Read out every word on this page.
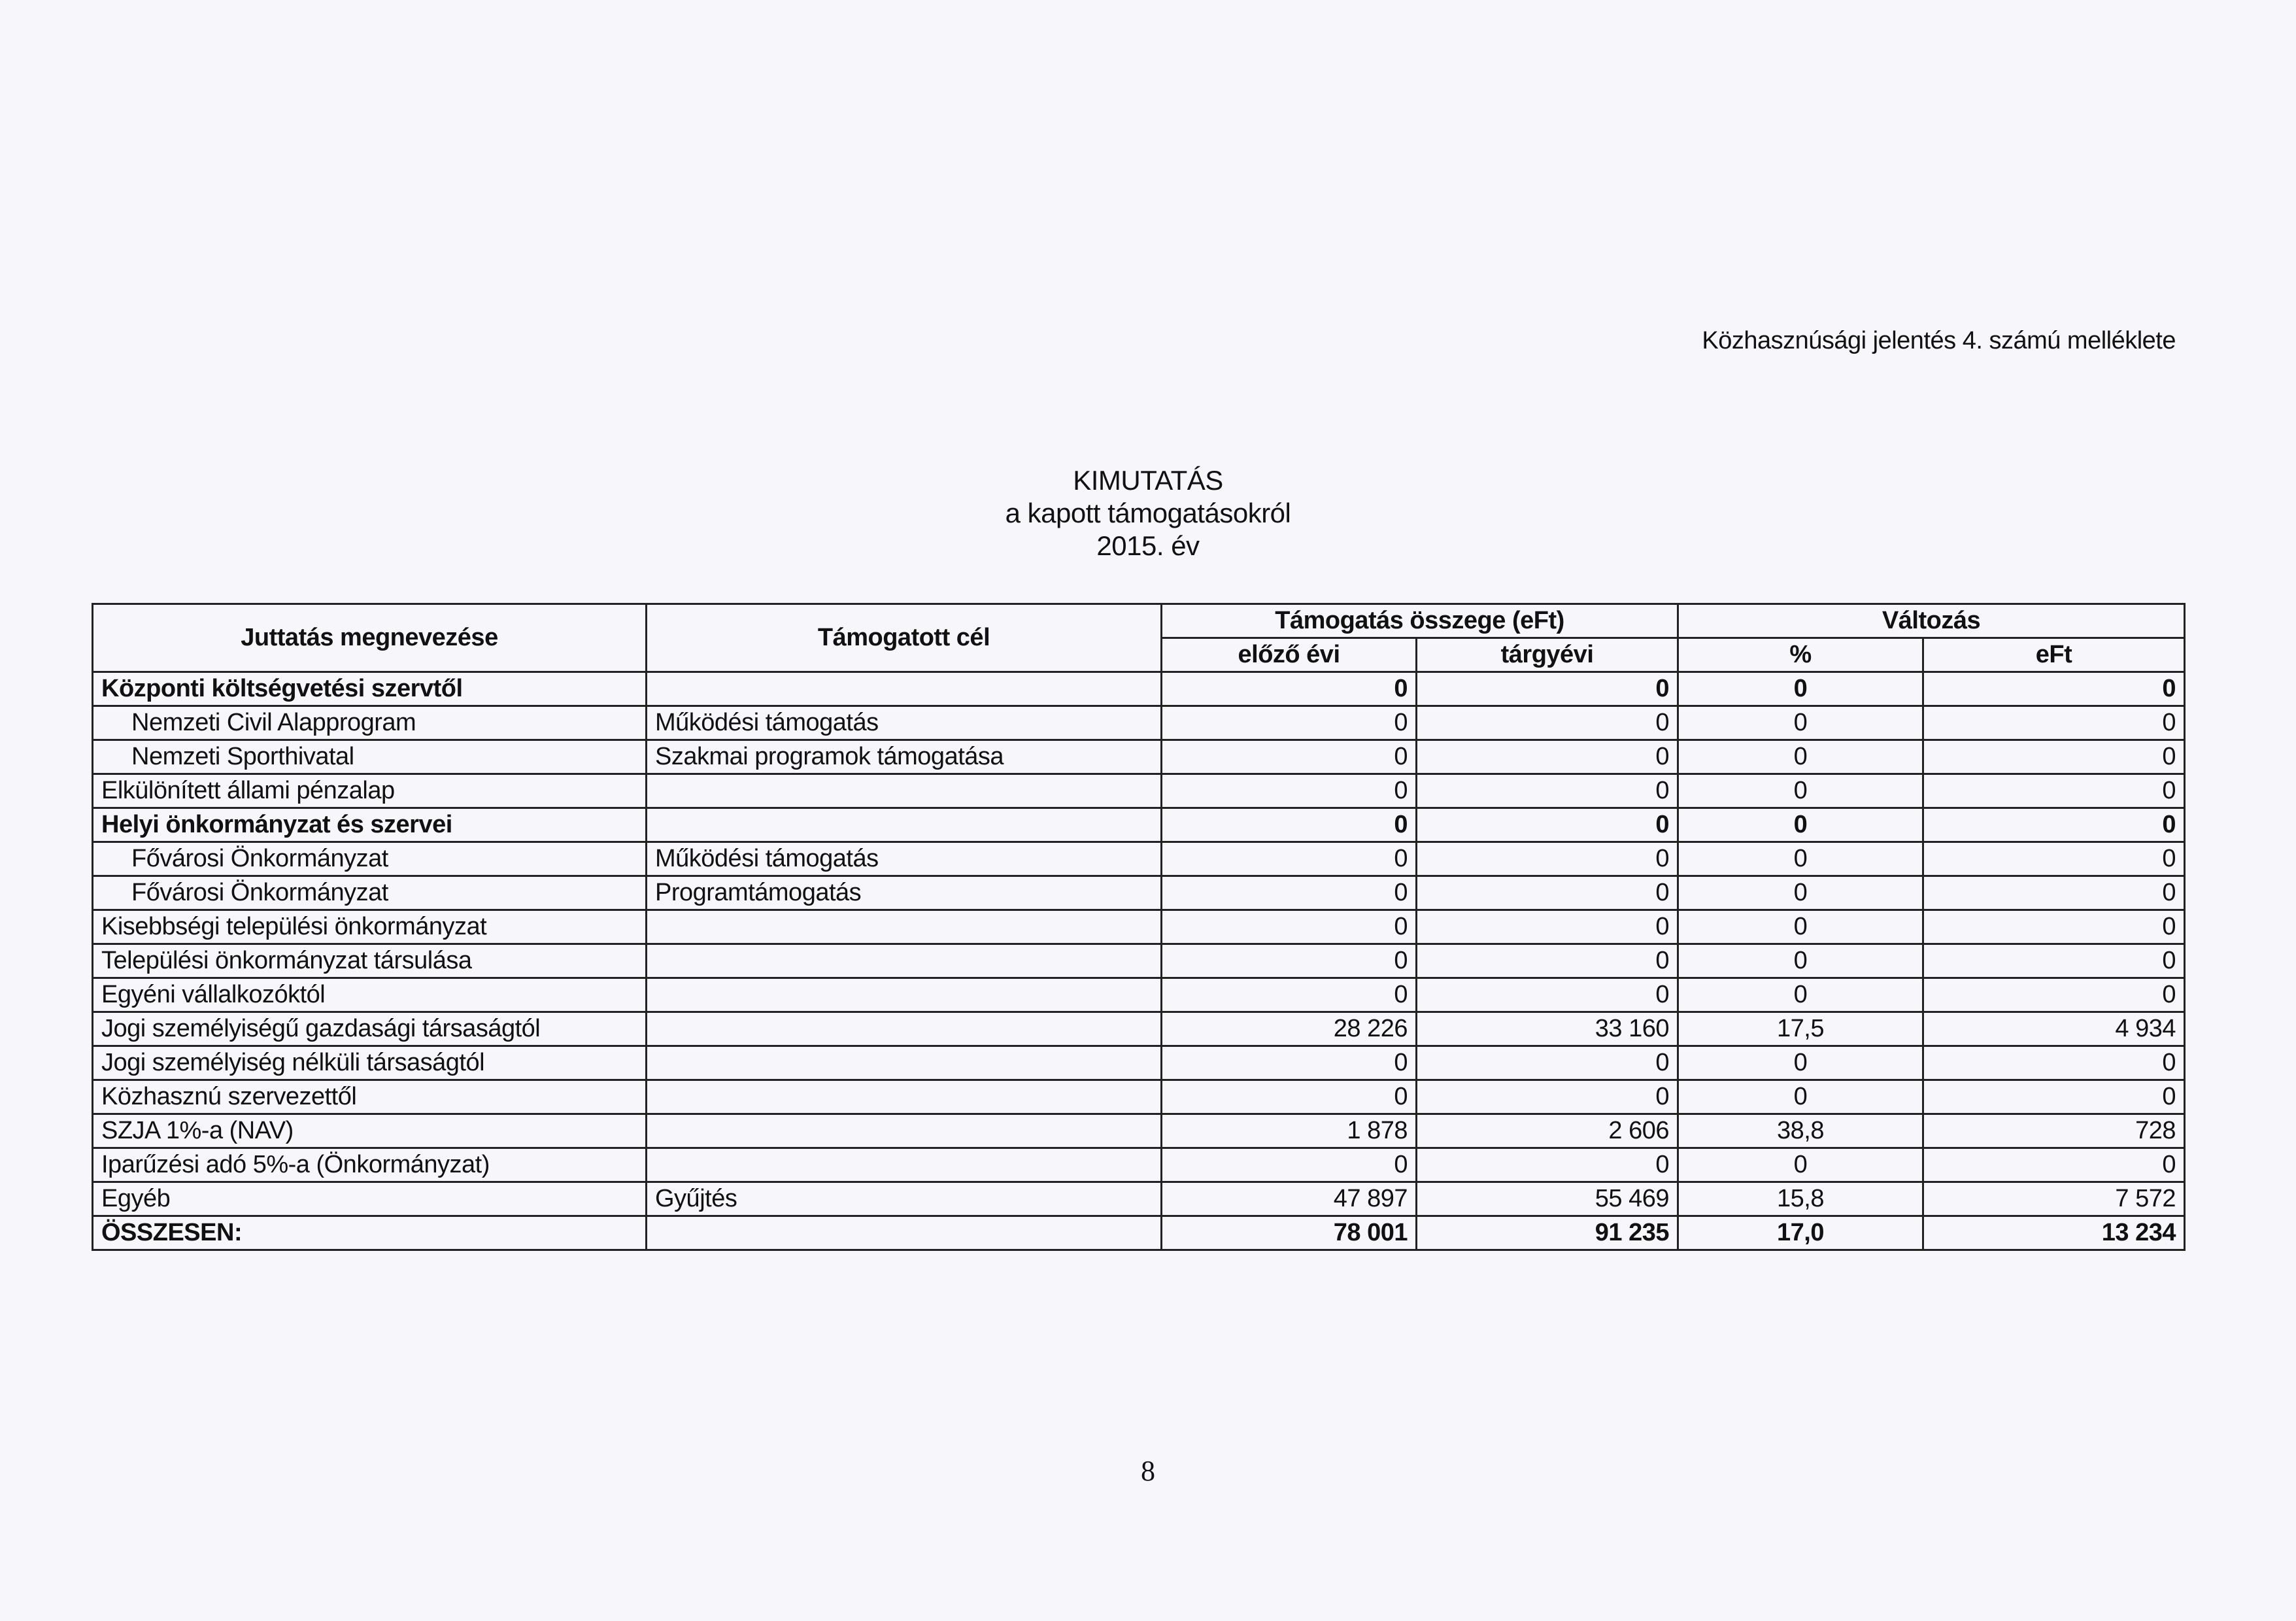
Közhasznúsági jelentés 4. számú melléklete
KIMUTATÁS
a kapott támogatásokról
2015. év
Juttatás megnevezése	Támogatott cél	Támogatás összege (eFt)		Változás	
		előző évi	tárgyévi	%	eFt
Központi költségvetési szervtől		0	0	0	0
Nemzeti Civil Alapprogram	Működési támogatás	0	0	0	0
Nemzeti Sporthivatal	Szakmai programok támogatása	0	0	0	0
Elkülönített állami pénzalap		0	0	0	0
Helyi önkormányzat és szervei		0	0	0	0
Fővárosi Önkormányzat	Működési támogatás	0	0	0	0
Fővárosi Önkormányzat	Programtámogatás	0	0	0	0
Kisebbségi települési önkormányzat		0	0	0	0
Települési önkormányzat társulása		0	0	0	0
Egyéni vállalkozóktól		0	0	0	0
Jogi személyiségű gazdasági társaságtól		28 226	33 160	17,5	4 934
Jogi személyiség nélküli társaságtól		0	0	0	0
Közhasznú szervezettől		0	0	0	0
SZJA 1%-a (NAV)		1 878	2 606	38,8	728
Iparűzési adó 5%-a (Önkormányzat)		0	0	0	0
Egyéb	Gyűjtés	47 897	55 469	15,8	7 572
ÖSSZESEN:		78 001	91 235	17,0	13 234
8
